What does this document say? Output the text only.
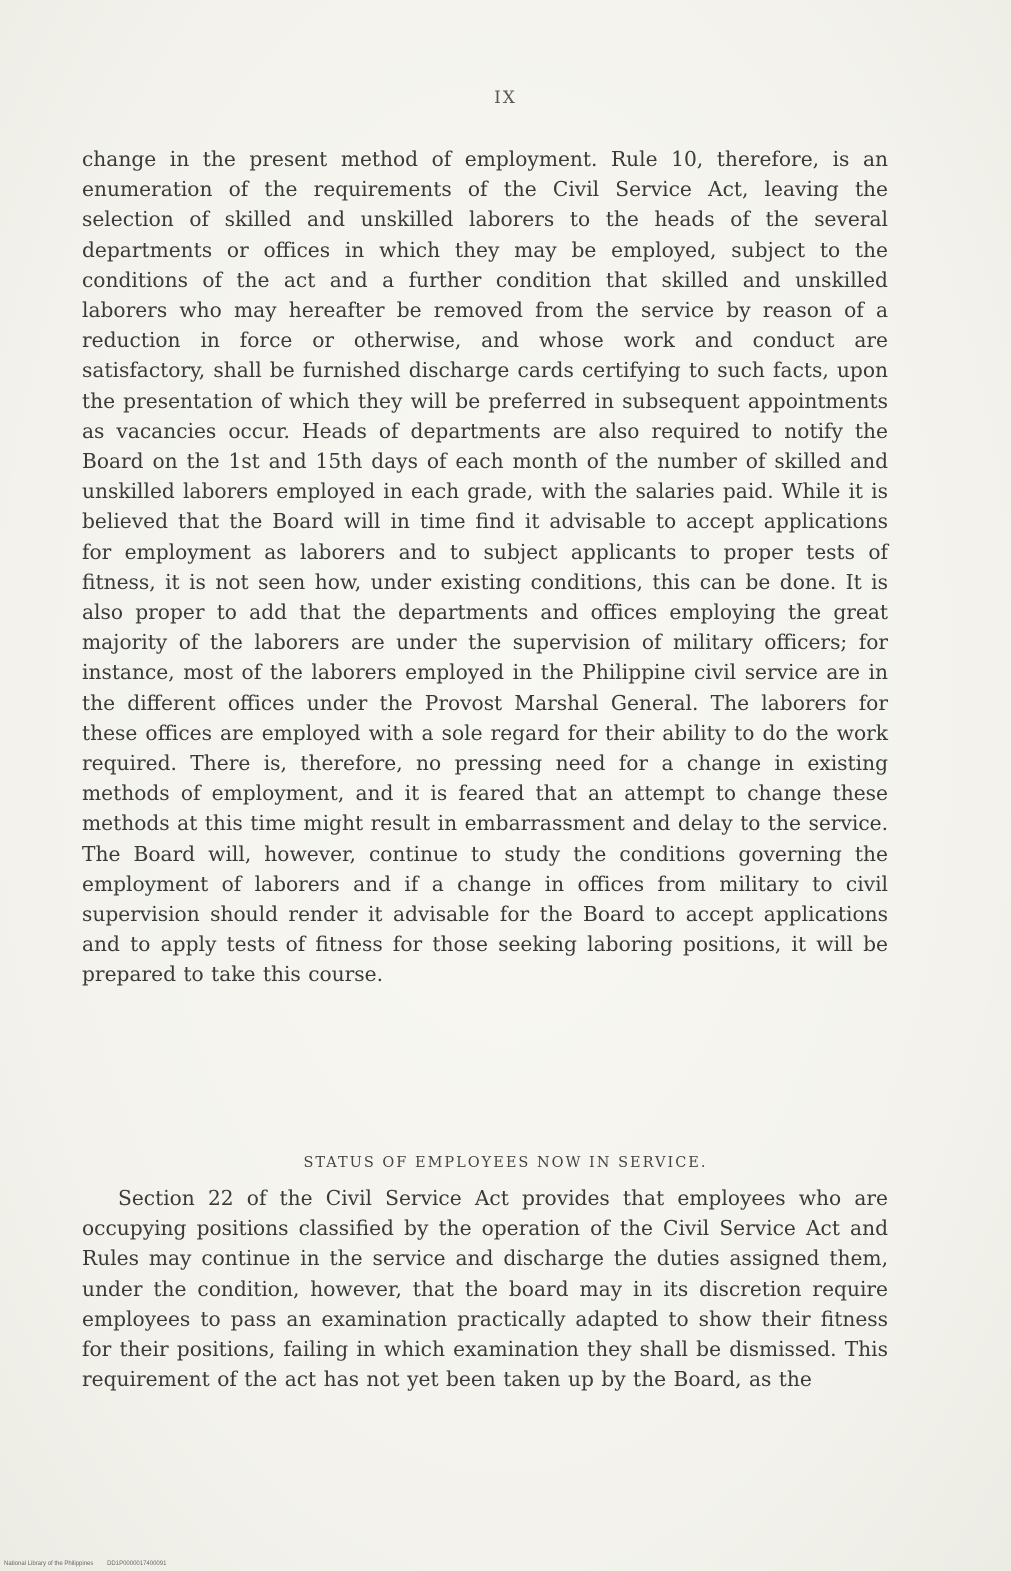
IX
change in the present method of employment. Rule 10, therefore, is an enumeration of the requirements of the Civil Service Act, leaving the selection of skilled and unskilled laborers to the heads of the several departments or offices in which they may be employed, subject to the conditions of the act and a further condition that skilled and unskilled laborers who may hereafter be removed from the service by reason of a reduction in force or otherwise, and whose work and conduct are satisfactory, shall be furnished discharge cards certifying to such facts, upon the presentation of which they will be preferred in subsequent appointments as vacancies occur. Heads of departments are also required to notify the Board on the 1st and 15th days of each month of the number of skilled and unskilled laborers employed in each grade, with the salaries paid. While it is believed that the Board will in time find it advisable to accept applications for employment as laborers and to subject applicants to proper tests of fitness, it is not seen how, under existing conditions, this can be done. It is also proper to add that the departments and offices employing the great majority of the laborers are under the supervision of military officers; for instance, most of the laborers employed in the Philippine civil service are in the different offices under the Provost Marshal General. The laborers for these offices are employed with a sole regard for their ability to do the work required. There is, therefore, no pressing need for a change in existing methods of employment, and it is feared that an attempt to change these methods at this time might result in embarrassment and delay to the service. The Board will, however, continue to study the conditions governing the employment of laborers and if a change in offices from military to civil supervision should render it advisable for the Board to accept applications and to apply tests of fitness for those seeking laboring positions, it will be prepared to take this course.
STATUS OF EMPLOYEES NOW IN SERVICE.
Section 22 of the Civil Service Act provides that employees who are occupying positions classified by the operation of the Civil Service Act and Rules may continue in the service and discharge the duties assigned them, under the condition, however, that the board may in its discretion require employees to pass an examination practically adapted to show their fitness for their positions, failing in which examination they shall be dismissed. This requirement of the act has not yet been taken up by the Board, as the
National Library of the Philippines DD1P0000017400091
